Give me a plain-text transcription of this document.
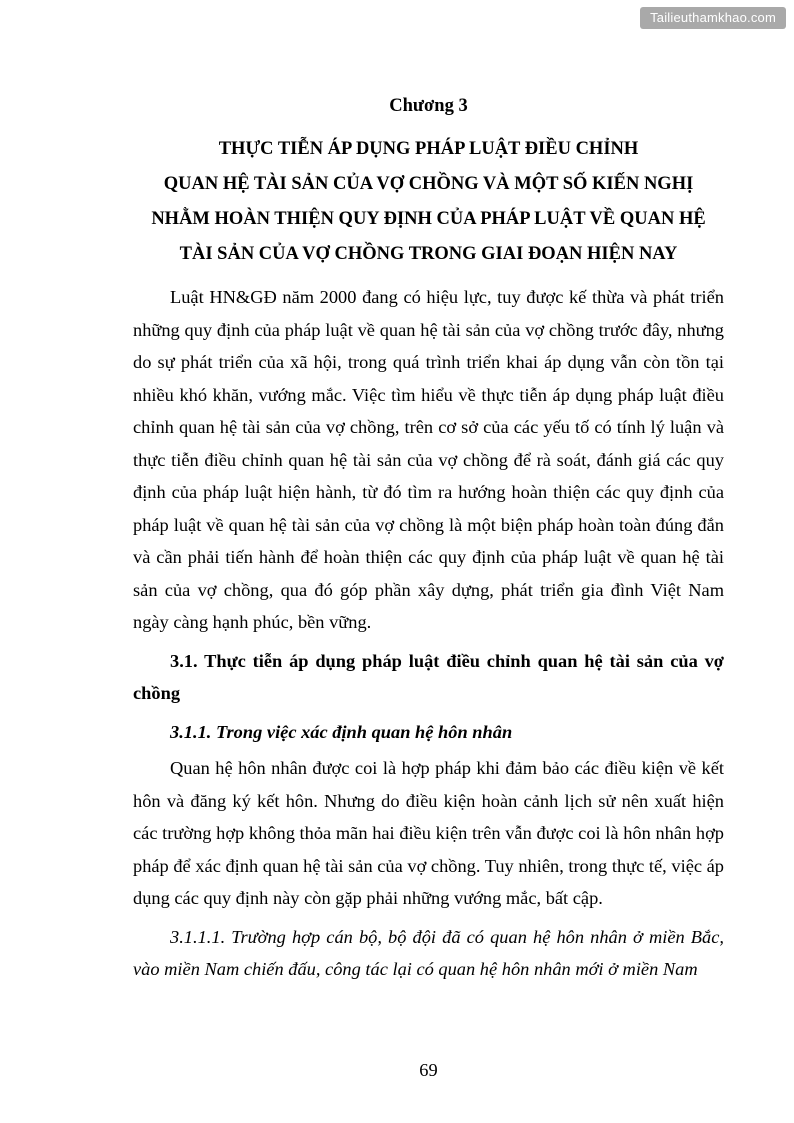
Tailieuthamkhao.com
Chương 3
THỰC TIỄN ÁP DỤNG PHÁP LUẬT ĐIỀU CHỈNH
QUAN HỆ TÀI SẢN CỦA VỢ CHỒNG VÀ MỘT SỐ KIẾN NGHỊ
NHẰM HOÀN THIỆN QUY ĐỊNH CỦA PHÁP LUẬT VỀ QUAN HỆ
TÀI SẢN CỦA VỢ CHỒNG TRONG GIAI ĐOẠN HIỆN NAY

Luật HN&GĐ năm 2000 đang có hiệu lực, tuy được kế thừa và phát triển những quy định của pháp luật về quan hệ tài sản của vợ chồng trước đây, nhưng do sự phát triển của xã hội, trong quá trình triển khai áp dụng vẫn còn tồn tại nhiều khó khăn, vướng mắc. Việc tìm hiểu về thực tiễn áp dụng pháp luật điều chỉnh quan hệ tài sản của vợ chồng, trên cơ sở của các yếu tố có tính lý luận và thực tiễn điều chỉnh quan hệ tài sản của vợ chồng để rà soát, đánh giá các quy định của pháp luật hiện hành, từ đó tìm ra hướng hoàn thiện các quy định của pháp luật về quan hệ tài sản của vợ chồng là một biện pháp hoàn toàn đúng đắn và cần phải tiến hành để hoàn thiện các quy định của pháp luật về quan hệ tài sản của vợ chồng, qua đó góp phần xây dựng, phát triển gia đình Việt Nam ngày càng hạnh phúc, bền vững.

3.1. Thực tiễn áp dụng pháp luật điều chỉnh quan hệ tài sản của vợ chồng

3.1.1. Trong việc xác định quan hệ hôn nhân

Quan hệ hôn nhân được coi là hợp pháp khi đảm bảo các điều kiện về kết hôn và đăng ký kết hôn. Nhưng do điều kiện hoàn cảnh lịch sử nên xuất hiện các trường hợp không thỏa mãn hai điều kiện trên vẫn được coi là hôn nhân hợp pháp để xác định quan hệ tài sản của vợ chồng. Tuy nhiên, trong thực tế, việc áp dụng các quy định này còn gặp phải những vướng mắc, bất cập.

3.1.1.1. Trường hợp cán bộ, bộ đội đã có quan hệ hôn nhân ở miền Bắc, vào miền Nam chiến đấu, công tác lại có quan hệ hôn nhân mới ở miền Nam

69
